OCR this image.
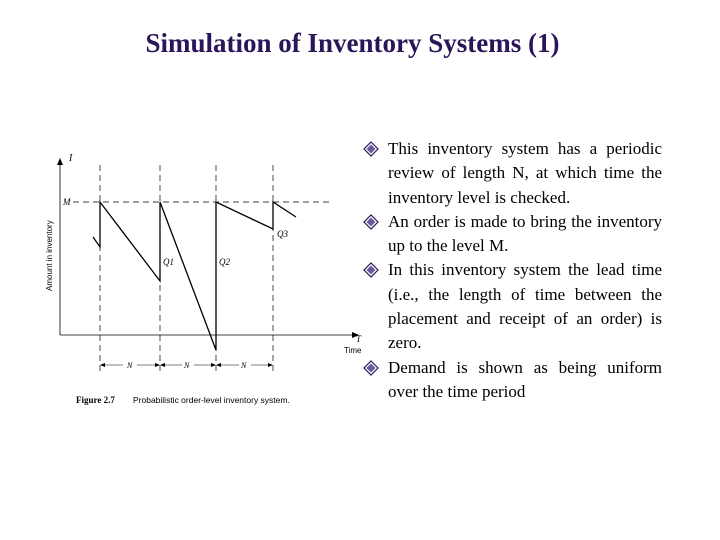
Simulation of Inventory Systems (1)
I
Amount in inventory
T
Time
M
Q1	Q2
Q3
N	N	N
Figure 2.7 Probabilistic order-level inventory system.
This inventory system has a periodic review of length N, at which time the inventory level is checked.
An order is made to bring the inventory up to the level M.
In this inventory system the lead time (i.e., the length of time between the placement and receipt of an order) is zero.
Demand is shown as being uniform over the time period
